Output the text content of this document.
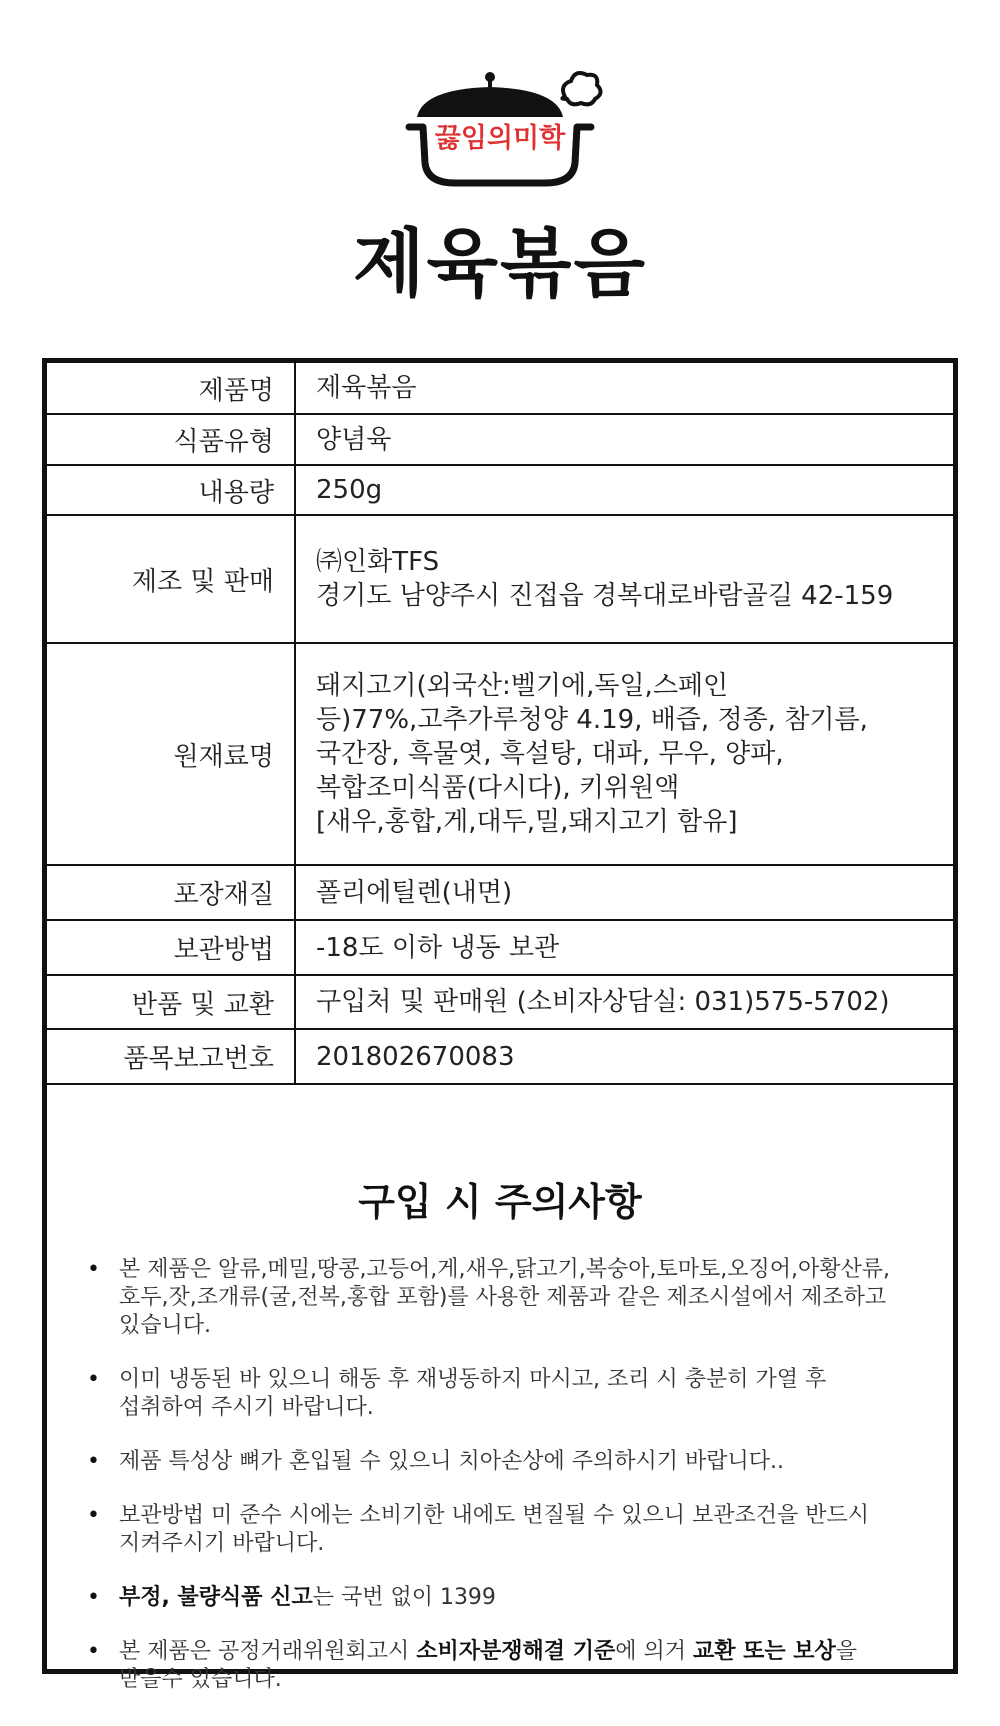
끓임의미학
제육볶음
제품명	제육볶음
식품유형	양념육
내용량	250g
제조 및 판매	㈜인화TFS
경기도 남양주시 진접읍 경복대로바람골길 42-159

원재료명	돼지고기(외국산:벨기에,독일,스페인
등)77%,고추가루청양 4.19, 배즙, 정종, 참기름,
국간장, 흑물엿, 흑설탕, 대파, 무우, 양파,
복합조미식품(다시다), 키위원액
[새우,홍합,게,대두,밀,돼지고기 함유]

포장재질	폴리에틸렌(내면)
보관방법	-18도 이하 냉동 보관
반품 및 교환	구입처 및 판매원 (소비자상담실: 031)575-5702)
품목보고번호	201802670083
구입 시 주의사항
• 본 제품은 알류,메밀,땅콩,고등어,게,새우,닭고기,복숭아,토마토,오징어,아황산류,
호두,잣,조개류(굴,전복,홍합 포함)를 사용한 제품과 같은 제조시설에서 제조하고
있습니다.
• 이미 냉동된 바 있으니 해동 후 재냉동하지 마시고, 조리 시 충분히 가열 후
섭취하여 주시기 바랍니다.
• 제품 특성상 뼈가 혼입될 수 있으니 치아손상에 주의하시기 바랍니다..
• 보관방법 미 준수 시에는 소비기한 내에도 변질될 수 있으니 보관조건을 반드시
지켜주시기 바랍니다.
• 부정, 불량식품 신고는 국번 없이 1399
• 본 제품은 공정거래위원회고시 소비자분쟁해결 기준에 의거 교환 또는 보상을
받을수 있습니다.
